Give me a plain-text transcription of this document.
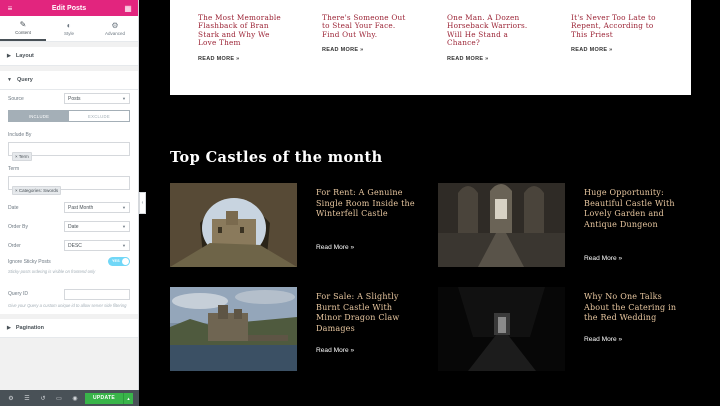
≡	Edit Posts	▦
✎
Content
◐
Style
⚙
Advanced
▶ Layout
▼ Query
Source	Posts	▼
INCLUDE	EXCLUDE
Include By
× Term
Term
× Categories: Swords
Date	Past Month	▼
Order By	Date	▼
Order	DESC	▼
Ignore Sticky Posts	YES
Sticky-posts ordering is visible on frontend only
Query ID
Give your Query a custom unique id to allow server side filtering
▶ Pagination
⚙	☰	↺	▭	◉	UPDATE	▲
‹
The Most Memorable Flashback of Bran Stark and Why We Love Them
READ MORE »
There's Someone Out to Steal Your Face. Find Out Why.
READ MORE »
One Man. A Dozen Horseback Warriors. Will He Stand a Chance?
READ MORE »
It's Never Too Late to Repent, According to This Priest
READ MORE »
Top Castles of the month
For Rent: A Genuine Single Room Inside the Winterfell Castle
Read More »
Huge Opportunity: Beautiful Castle With Lovely Garden and Antique Dungeon
Read More »
For Sale: A Slightly Burnt Castle With Minor Dragon Claw Damages
Read More »
Why No One Talks About the Catering in the Red Wedding
Read More »
